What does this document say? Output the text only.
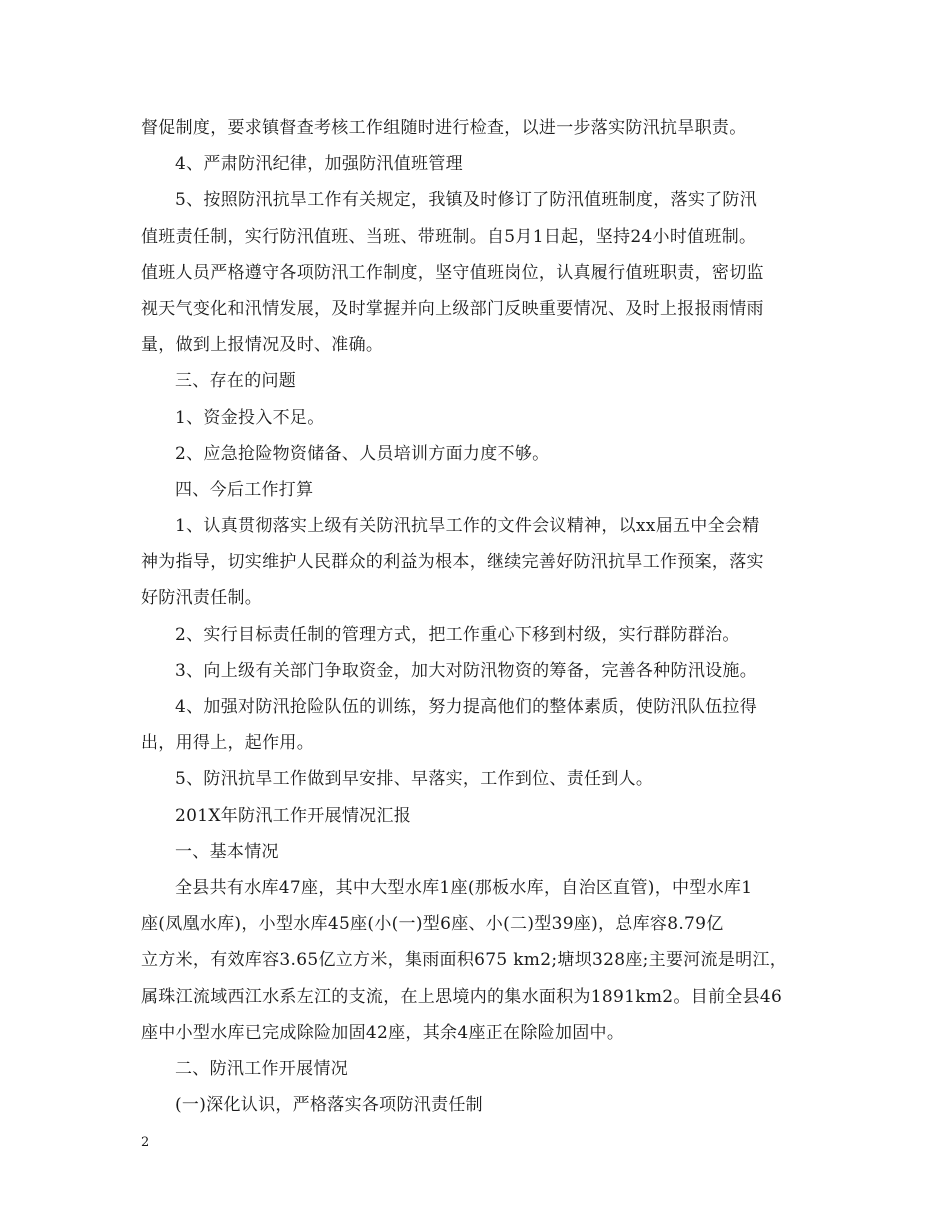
督促制度，要求镇督查考核工作组随时进行检查，以进一步落实防汛抗旱职责。

4、严肃防汛纪律，加强防汛值班管理

5、按照防汛抗旱工作有关规定，我镇及时修订了防汛值班制度，落实了防汛

值班责任制，实行防汛值班、当班、带班制。自5月1日起，坚持24小时值班制。

值班人员严格遵守各项防汛工作制度，坚守值班岗位，认真履行值班职责，密切监

视天气变化和汛情发展，及时掌握并向上级部门反映重要情况、及时上报报雨情雨

量，做到上报情况及时、准确。

三、存在的问题

1、资金投入不足。

2、应急抢险物资储备、人员培训方面力度不够。

四、今后工作打算

1、认真贯彻落实上级有关防汛抗旱工作的文件会议精神，以xx届五中全会精

神为指导，切实维护人民群众的利益为根本，继续完善好防汛抗旱工作预案，落实

好防汛责任制。

2、实行目标责任制的管理方式，把工作重心下移到村级，实行群防群治。

3、向上级有关部门争取资金，加大对防汛物资的筹备，完善各种防汛设施。

4、加强对防汛抢险队伍的训练，努力提高他们的整体素质，使防汛队伍拉得

出，用得上，起作用。

5、防汛抗旱工作做到早安排、早落实，工作到位、责任到人。

201X年防汛工作开展情况汇报

一、基本情况

全县共有水库47座，其中大型水库1座(那板水库，自治区直管)，中型水库1

座(凤凰水库)，小型水库45座(小(一)型6座、小(二)型39座)，总库容8.79亿

立方米，有效库容3.65亿立方米，集雨面积675 km2;塘坝328座;主要河流是明江，

属珠江流域西江水系左江的支流，在上思境内的集水面积为1891km2。目前全县46

座中小型水库已完成除险加固42座，其余4座正在除险加固中。

二、防汛工作开展情况

(一)深化认识，严格落实各项防汛责任制

2
